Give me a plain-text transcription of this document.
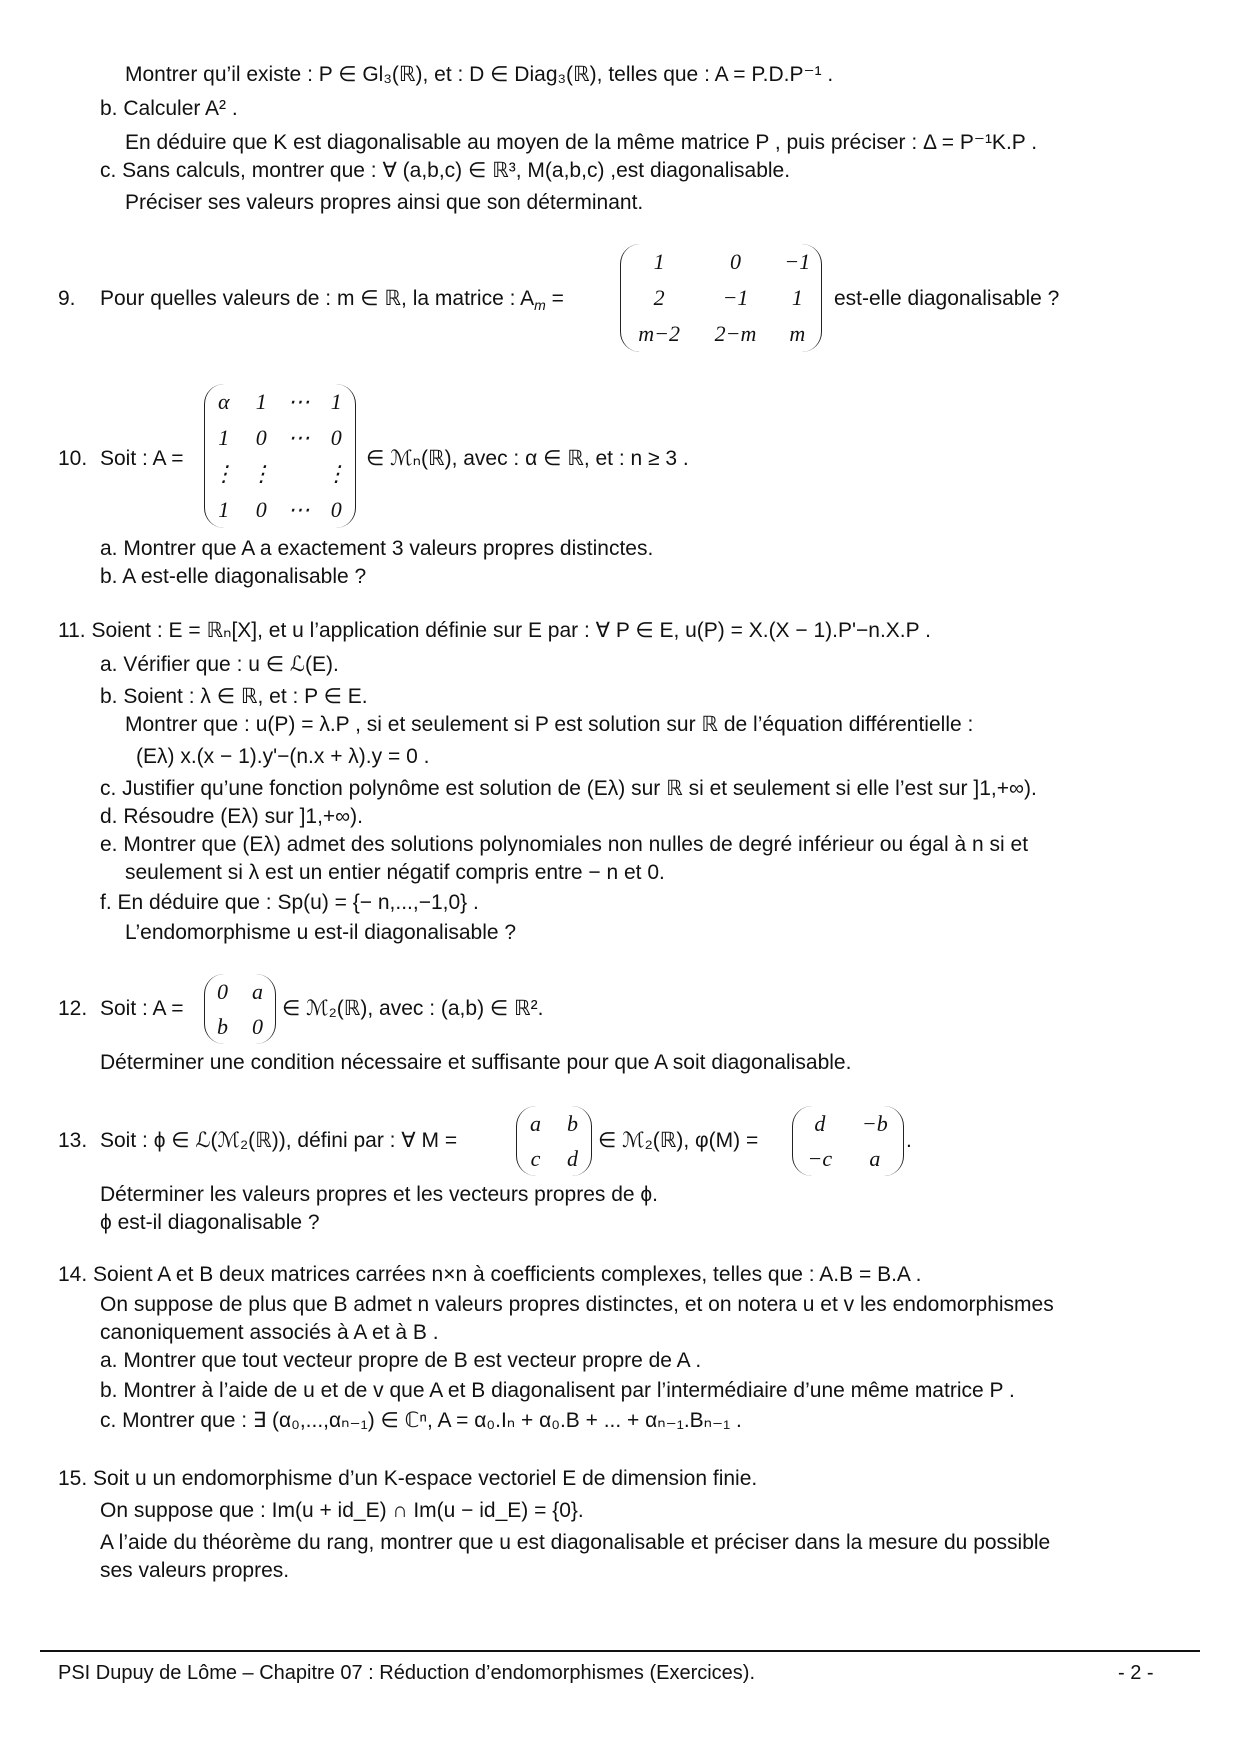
Montrer qu’il existe : P ∈ Gl₃(ℝ), et : D ∈ Diag₃(ℝ), telles que : A = P.D.P⁻¹ .
b. Calculer A² .
En déduire que K est diagonalisable au moyen de la même matrice P , puis préciser : Δ = P⁻¹K.P .
c. Sans calculs, montrer que : ∀ (a,b,c) ∈ ℝ³, M(a,b,c) ,est diagonalisable.
Préciser ses valeurs propres ainsi que son déterminant.
9. Pour quelles valeurs de : m ∈ ℝ, la matrice : $A_m$ =
1	0	−1
2	−1	1
m−2	2−m	m
est-elle diagonalisable ?
10. Soit : A =
α	1	⋯	1
1	0	⋯	0
⋮	⋮		⋮
1	0	⋯	0
∈ ℳₙ(ℝ), avec : α ∈ ℝ, et : n ≥ 3 .
a. Montrer que A a exactement 3 valeurs propres distinctes.
b. A est-elle diagonalisable ?
11. Soient : E = ℝₙ[X], et u l’application définie sur E par : ∀ P ∈ E, u(P) = X.(X − 1).P'−n.X.P .
a. Vérifier que : u ∈ ℒ(E).
b. Soient : λ ∈ ℝ, et : P ∈ E.
Montrer que : u(P) = λ.P , si et seulement si P est solution sur ℝ de l’équation différentielle :
(Eλ) x.(x − 1).y'−(n.x + λ).y = 0 .
c. Justifier qu’une fonction polynôme est solution de (Eλ) sur ℝ si et seulement si elle l’est sur ]1,+∞).
d. Résoudre (Eλ) sur ]1,+∞).
e. Montrer que (Eλ) admet des solutions polynomiales non nulles de degré inférieur ou égal à n si et
seulement si λ est un entier négatif compris entre − n et 0.
f. En déduire que : Sp(u) = {− n,...,−1,0} .
L’endomorphisme u est-il diagonalisable ?
12. Soit : A =
0	a
b	0
∈ ℳ₂(ℝ), avec : (a,b) ∈ ℝ².
Déterminer une condition nécessaire et suffisante pour que A soit diagonalisable.
13. Soit : ϕ ∈ ℒ(ℳ₂(ℝ)), défini par : ∀ M =
a	b
c	d
∈ ℳ₂(ℝ), φ(M) =
d	−b
−c	a
.
Déterminer les valeurs propres et les vecteurs propres de ϕ.
ϕ est-il diagonalisable ?
14. Soient A et B deux matrices carrées n×n à coefficients complexes, telles que : A.B = B.A .
On suppose de plus que B admet n valeurs propres distinctes, et on notera u et v les endomorphismes
canoniquement associés à A et à B .
a. Montrer que tout vecteur propre de B est vecteur propre de A .
b. Montrer à l’aide de u et de v que A et B diagonalisent par l’intermédiaire d’une même matrice P .
c. Montrer que : ∃ (α₀,...,αₙ₋₁) ∈ ℂⁿ, A = α₀.Iₙ + α₀.B + ... + αₙ₋₁.Bₙ₋₁ .
15. Soit u un endomorphisme d’un K-espace vectoriel E de dimension finie.
On suppose que : Im(u + id_E) ∩ Im(u − id_E) = {0}.
A l’aide du théorème du rang, montrer que u est diagonalisable et préciser dans la mesure du possible
ses valeurs propres.
PSI Dupuy de Lôme – Chapitre 07 : Réduction d’endomorphismes (Exercices).	- 2 -
